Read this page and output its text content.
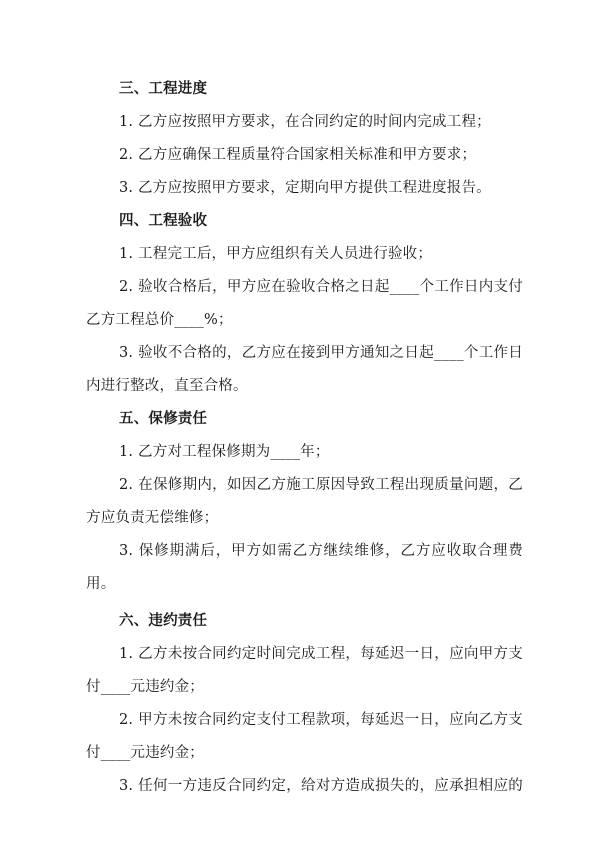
三、工程进度
1. 乙方应按照甲方要求，在合同约定的时间内完成工程；
2. 乙方应确保工程质量符合国家相关标准和甲方要求；
3. 乙方应按照甲方要求，定期向甲方提供工程进度报告。
四、工程验收
1. 工程完工后，甲方应组织有关人员进行验收；
2. 验收合格后，甲方应在验收合格之日起____个工作日内支付
乙方工程总价____%；
3. 验收不合格的，乙方应在接到甲方通知之日起____个工作日
内进行整改，直至合格。
五、保修责任
1. 乙方对工程保修期为____年；
2. 在保修期内，如因乙方施工原因导致工程出现质量问题，乙
方应负责无偿维修；
3. 保修期满后，甲方如需乙方继续维修，乙方应收取合理费
用。
六、违约责任
1. 乙方未按合同约定时间完成工程，每延迟一日，应向甲方支
付____元违约金；
2. 甲方未按合同约定支付工程款项，每延迟一日，应向乙方支
付____元违约金；
3. 任何一方违反合同约定，给对方造成损失的，应承担相应的
